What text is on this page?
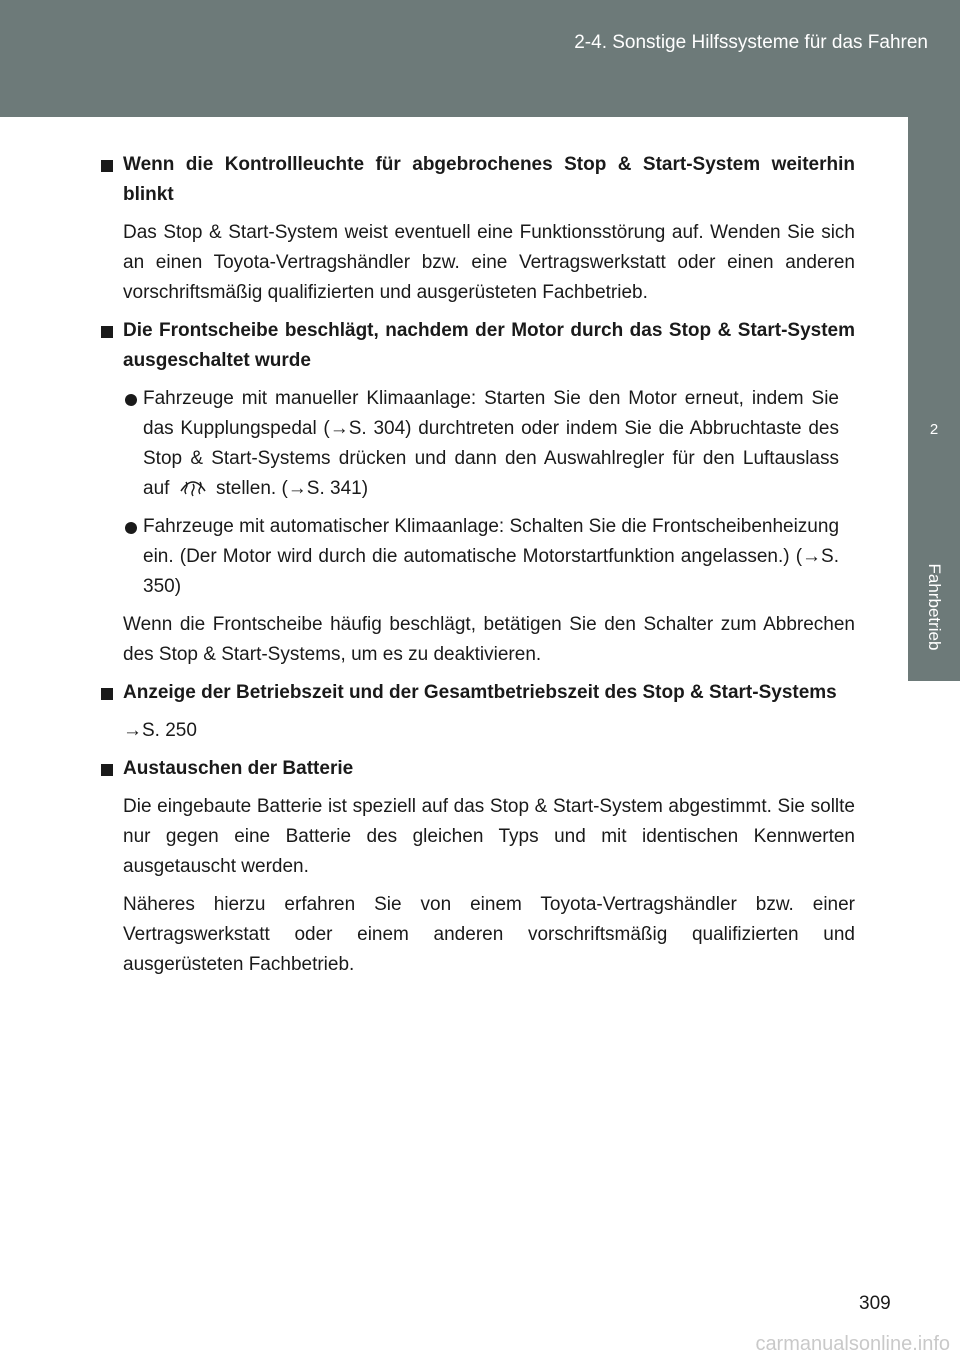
2-4. Sonstige Hilfssysteme für das Fahren
2
Fahrbetrieb
Wenn die Kontrollleuchte für abgebrochenes Stop & Start-System weiterhin blinkt
Das Stop & Start-System weist eventuell eine Funktionsstörung auf. Wenden Sie sich an einen Toyota-Vertragshändler bzw. eine Vertragswerkstatt oder einen anderen vorschriftsmäßig qualifizierten und ausgerüsteten Fachbetrieb.
Die Frontscheibe beschlägt, nachdem der Motor durch das Stop & Start-System ausgeschaltet wurde
Fahrzeuge mit manueller Klimaanlage: Starten Sie den Motor erneut, indem Sie das Kupplungspedal (→S. 304) durchtreten oder indem Sie die Abbruchtaste des Stop & Start-Systems drücken und dann den Auswahlregler für den Luftauslass auf stellen. (→S. 341)
Fahrzeuge mit automatischer Klimaanlage: Schalten Sie die Frontscheibenheizung ein. (Der Motor wird durch die automatische Motorstartfunktion angelassen.) (→S. 350)
Wenn die Frontscheibe häufig beschlägt, betätigen Sie den Schalter zum Abbrechen des Stop & Start-Systems, um es zu deaktivieren.
Anzeige der Betriebszeit und der Gesamtbetriebszeit des Stop & Start-Systems
→S. 250
Austauschen der Batterie
Die eingebaute Batterie ist speziell auf das Stop & Start-System abgestimmt. Sie sollte nur gegen eine Batterie des gleichen Typs und mit identischen Kennwerten ausgetauscht werden.
Näheres hierzu erfahren Sie von einem Toyota-Vertragshändler bzw. einer Vertragswerkstatt oder einem anderen vorschriftsmäßig qualifizierten und ausgerüsteten Fachbetrieb.
309
carmanualsonline.info
